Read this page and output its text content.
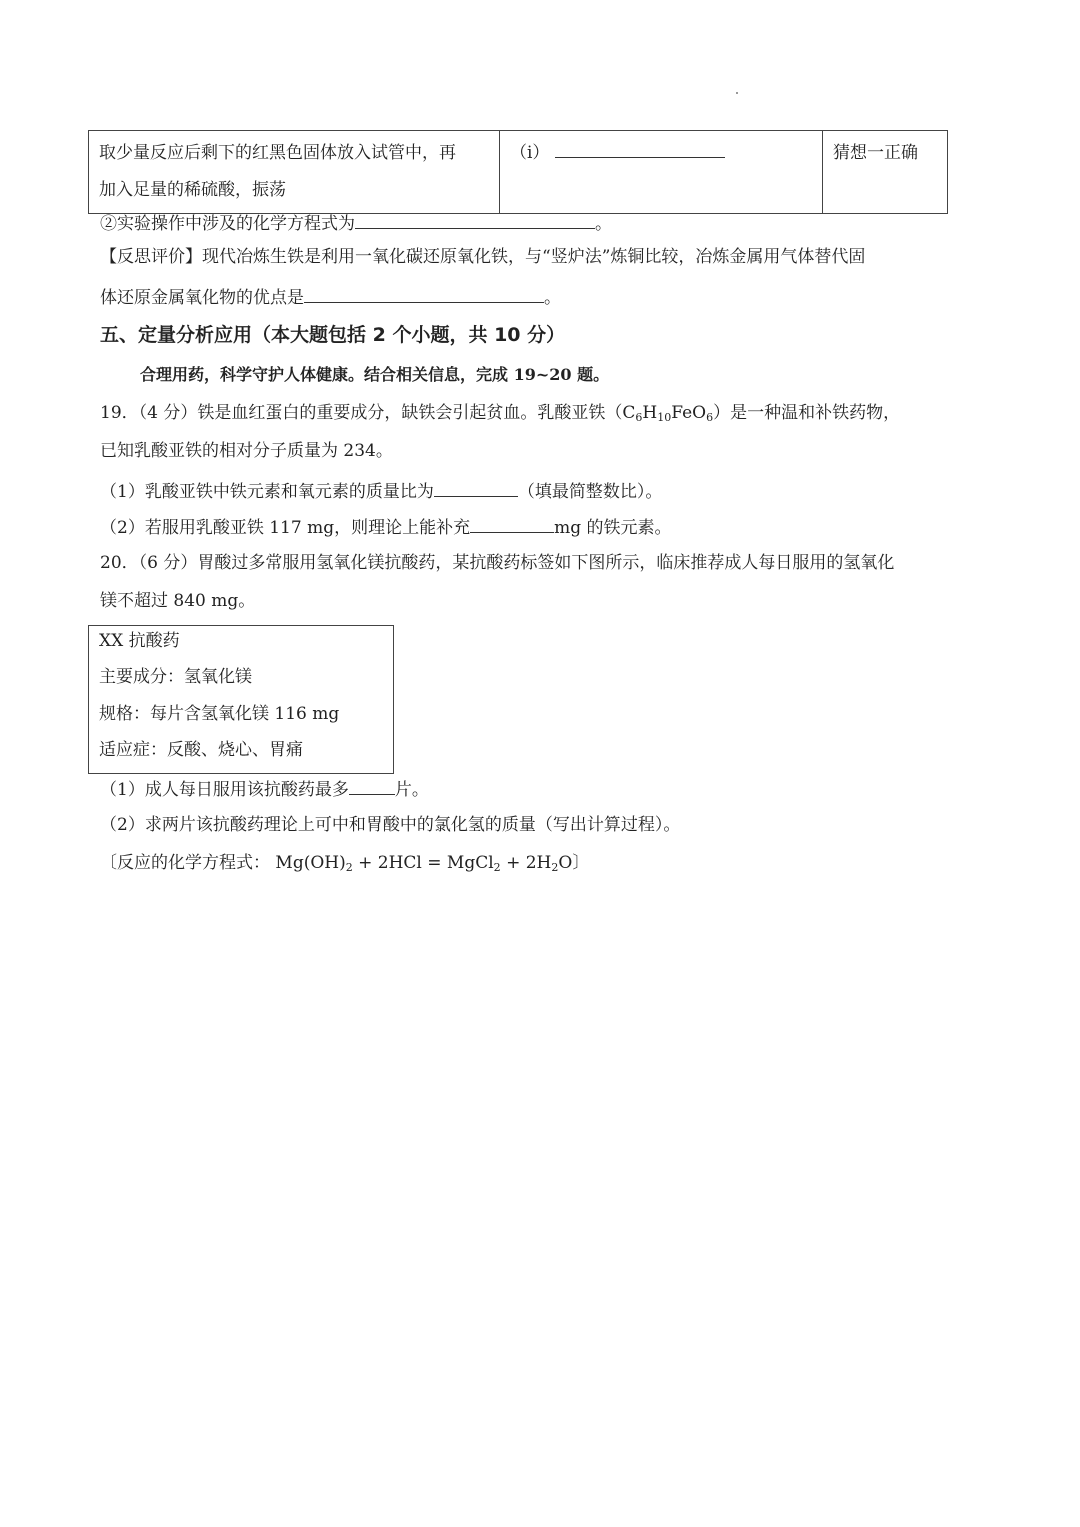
取少量反应后剩下的红黑色固体放入试管中，再
加入足量的稀硫酸，振荡

（i）	猜想一正确
②实验操作中涉及的化学方程式为	。
【反思评价】现代冶炼生铁是利用一氧化碳还原氧化铁，与“竖炉法”炼铜比较，冶炼金属用气体替代固
体还原金属氧化物的优点是	。
五、定量分析应用（本大题包括 2 个小题，共 10 分）
合理用药，科学守护人体健康。结合相关信息，完成 19~20 题。
19．（4 分）铁是血红蛋白的重要成分，缺铁会引起贫血。乳酸亚铁$(C_6H_{10}FeO_6)$是一种温和补铁药物，
已知乳酸亚铁的相对分子质量为 234。
（1）乳酸亚铁中铁元素和氧元素的质量比为	（填最简整数比）。
（2）若服用乳酸亚铁 117 mg，则理论上能补充	mg 的铁元素。
20．（6 分）胃酸过多常服用氢氧化镁抗酸药，某抗酸药标签如下图所示，临床推荐成人每日服用的氢氧化
镁不超过 840 mg。
XX 抗酸药
主要成分：氢氧化镁
规格：每片含氢氧化镁 116 mg
适应症：反酸、烧心、胃痛
（1）成人每日服用该抗酸药最多	片。
（2）求两片该抗酸药理论上可中和胃酸中的氯化氢的质量（写出计算过程）。
〔反应的化学方程式： $Mg(OH)_2 + 2HCl$ = MgCl$_2$ + $2H_2O$〕
